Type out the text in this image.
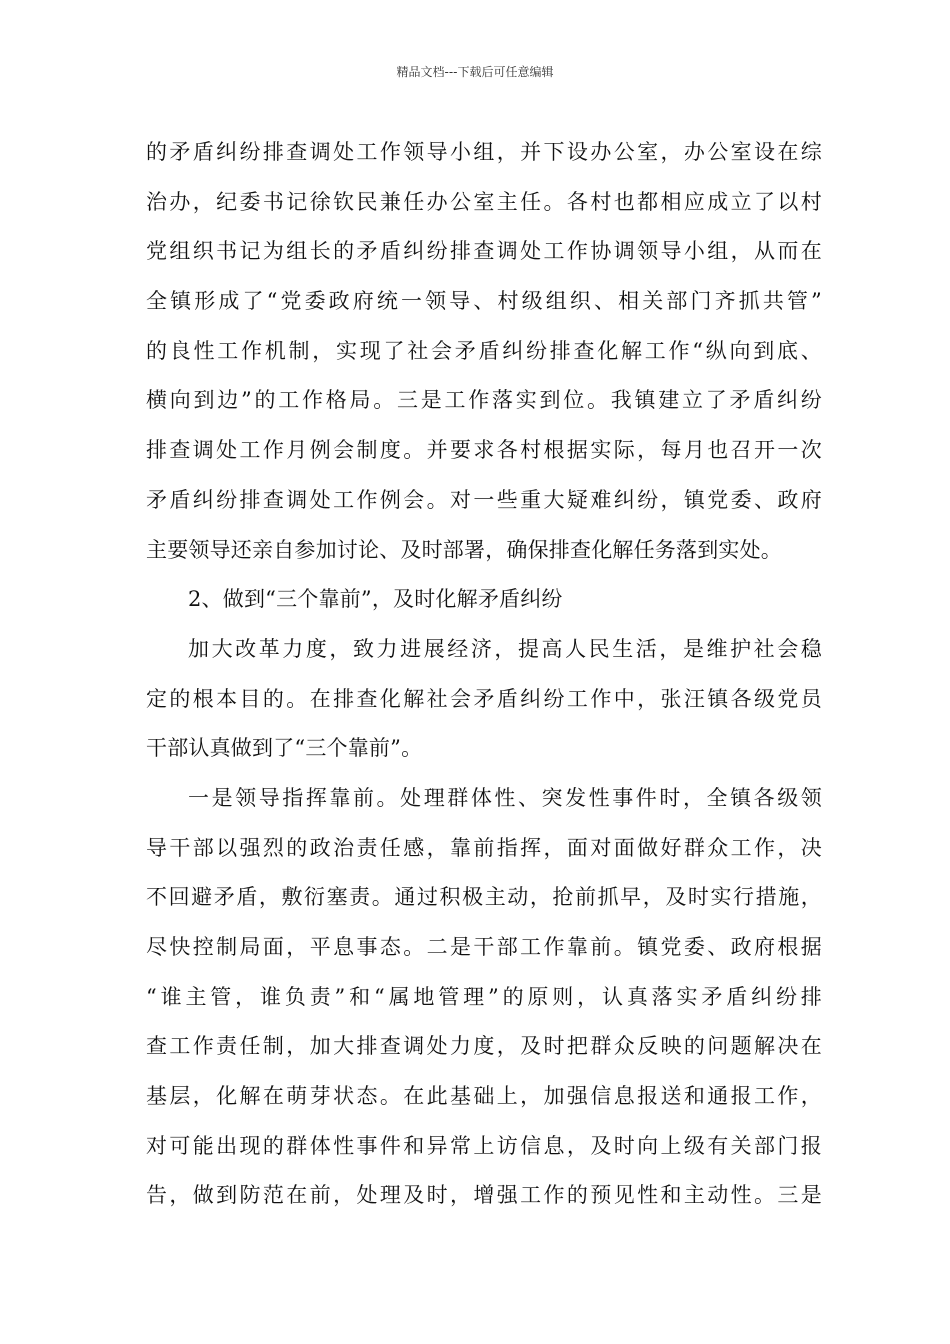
精品文档---下载后可任意编辑
的矛盾纠纷排查调处工作领导小组，并下设办公室，办公室设在综
治办，纪委书记徐钦民兼任办公室主任。各村也都相应成立了以村
党组织书记为组长的矛盾纠纷排查调处工作协调领导小组，从而在
全镇形成了“党委政府统一领导、村级组织、相关部门齐抓共管”
的良性工作机制，实现了社会矛盾纠纷排查化解工作“纵向到底、
横向到边”的工作格局。三是工作落实到位。我镇建立了矛盾纠纷
排查调处工作月例会制度。并要求各村根据实际，每月也召开一次
矛盾纠纷排查调处工作例会。对一些重大疑难纠纷，镇党委、政府
主要领导还亲自参加讨论、及时部署，确保排查化解任务落到实处。
2、做到“三个靠前”，及时化解矛盾纠纷
加大改革力度，致力进展经济，提高人民生活，是维护社会稳
定的根本目的。在排查化解社会矛盾纠纷工作中，张汪镇各级党员
干部认真做到了“三个靠前”。
一是领导指挥靠前。处理群体性、突发性事件时，全镇各级领
导干部以强烈的政治责任感，靠前指挥，面对面做好群众工作，决
不回避矛盾，敷衍塞责。通过积极主动，抢前抓早，及时实行措施，
尽快控制局面，平息事态。二是干部工作靠前。镇党委、政府根据
“谁主管，谁负责”和“属地管理”的原则，认真落实矛盾纠纷排
查工作责任制，加大排查调处力度，及时把群众反映的问题解决在
基层，化解在萌芽状态。在此基础上，加强信息报送和通报工作，
对可能出现的群体性事件和异常上访信息，及时向上级有关部门报
告，做到防范在前，处理及时，增强工作的预见性和主动性。三是
